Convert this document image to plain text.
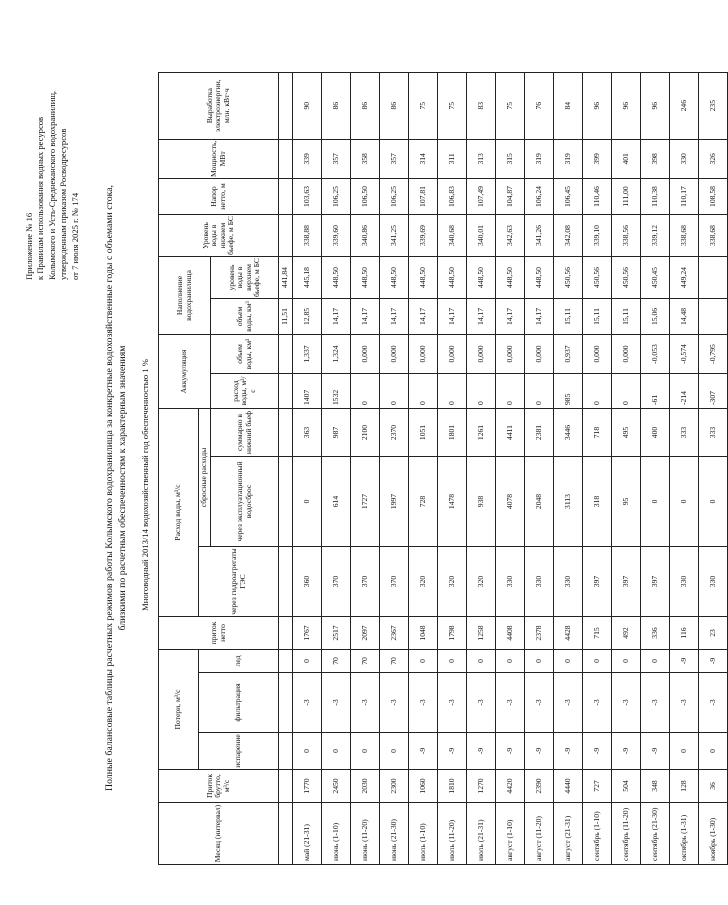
Приложение № 16 к Правилам использования водных ресурсов Колымского и Усть-Среднеканского водохранилищ, утвержденным приказом Росводресурсов от 7 июля 2025 г. № 174 Полные балансовые таблицы расчетных режимов работы Колымского водохранилища за конкретные водохозяйственные годы с объемами стока, близкими по расчетным обеспеченностям к характерным значениям Многоводный 2013/14 водохозяйственный год обеспеченностью 1 %
Месяц (интервал)	Приток брутто, м³/с	Потери, м³/с			приток нетто	Расход воды, м³/с			Аккумуляция		Наполнение водохранилища		Уровень воды в нижнем бьефе, м БС	Напор нетто, м	Мощность, МВт	Выработка электроэнергии, млн. кВт·ч
		испарение	фильтрация	лед		через гидроагрегаты ГЭС	сбросные расходы									
							через эксплуатационный водосброс	суммарно в нижний бьеф	расход воды, м³/с	объем воды, км³	объем воды, км³	уровень воды в верхнем бьефе, м БС				
											11,51	441,84				
май (21-31)	1770	0	-3	0	1767	360	0	363	1407	1,337	12,85	445,18	338,88	103,63	339	90
июнь (1-10)	2450	0	-3	70	2517	370	614	987	1532	1,324	14,17	448,50	339,60	106,25	357	86
июнь (11-20)	2030	0	-3	70	2097	370	1727	2100	0	0,000	14,17	448,50	340,86	106,50	358	86
июнь (21-30)	2300	0	-3	70	2367	370	1997	2370	0	0,000	14,17	448,50	341,25	106,25	357	86
июль (1-10)	1060	-9	-3	0	1048	320	728	1051	0	0,000	14,17	448,50	339,69	107,81	314	75
июль (11-20)	1810	-9	-3	0	1798	320	1478	1801	0	0,000	14,17	448,50	340,68	106,83	311	75
июль (21-31)	1270	-9	-3	0	1258	320	938	1261	0	0,000	14,17	448,50	340,01	107,49	313	83
август (1-10)	4420	-9	-3	0	4408	330	4078	4411	0	0,000	14,17	448,50	342,63	104,87	315	75
август (11-20)	2390	-9	-3	0	2378	330	2048	2381	0	0,000	14,17	448,50	341,26	106,24	319	76
август (21-31)	4440	-9	-3	0	4428	330	3113	3446	985	0,937	15,11	450,56	342,08	106,45	319	84
сентябрь (1-10)	727	-9	-3	0	715	397	318	718	0	0,000	15,11	450,56	339,10	110,46	399	96
сентябрь (11-20)	504	-9	-3	0	492	397	95	495	0	0,000	15,11	450,56	338,56	111,00	401	96
сентябрь (21-30)	348	-9	-3	0	336	397	0	400	-61	-0,053	15,06	450,45	339,12	110,38	398	96
октябрь (1-31)	128	0	-3	-9	116	330	0	333	-214	-0,574	14,48	449,24	338,68	110,17	330	246
ноябрь (1-30)	36	0	-3	-9	23	330	0	333	-307	-0,795			338,68	108,58	326	235
